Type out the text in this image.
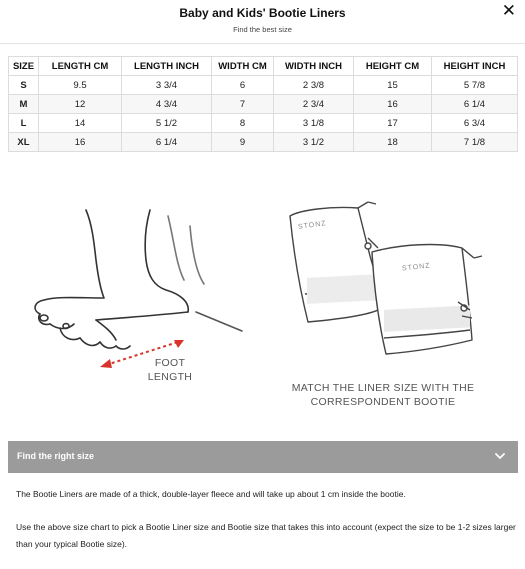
Baby and Kids' Bootie Liners
Find the best size
✕
SIZE	LENGTH CM	LENGTH INCH	WIDTH CM	WIDTH INCH	HEIGHT CM	HEIGHT INCH
S	9.5	3 3/4	6	2 3/8	15	5 7/8
M	12	4 3/4	7	2 3/4	16	6 1/4
L	14	5 1/2	8	3 1/8	17	6 3/4
XL	16	6 1/4	9	3 1/2	18	7 1/8
FOOT
LENGTH
STONZ
STONZ
MATCH THE LINER SIZE WITH THE
CORRESPONDENT BOOTIE
Find the right size
The Bootie Liners are made of a thick, double-layer fleece and will take up about 1 cm inside the bootie.
Use the above size chart to pick a Bootie Liner size and Bootie size that takes this into account (expect the size to be 1-2 sizes larger than your typical Bootie size).
